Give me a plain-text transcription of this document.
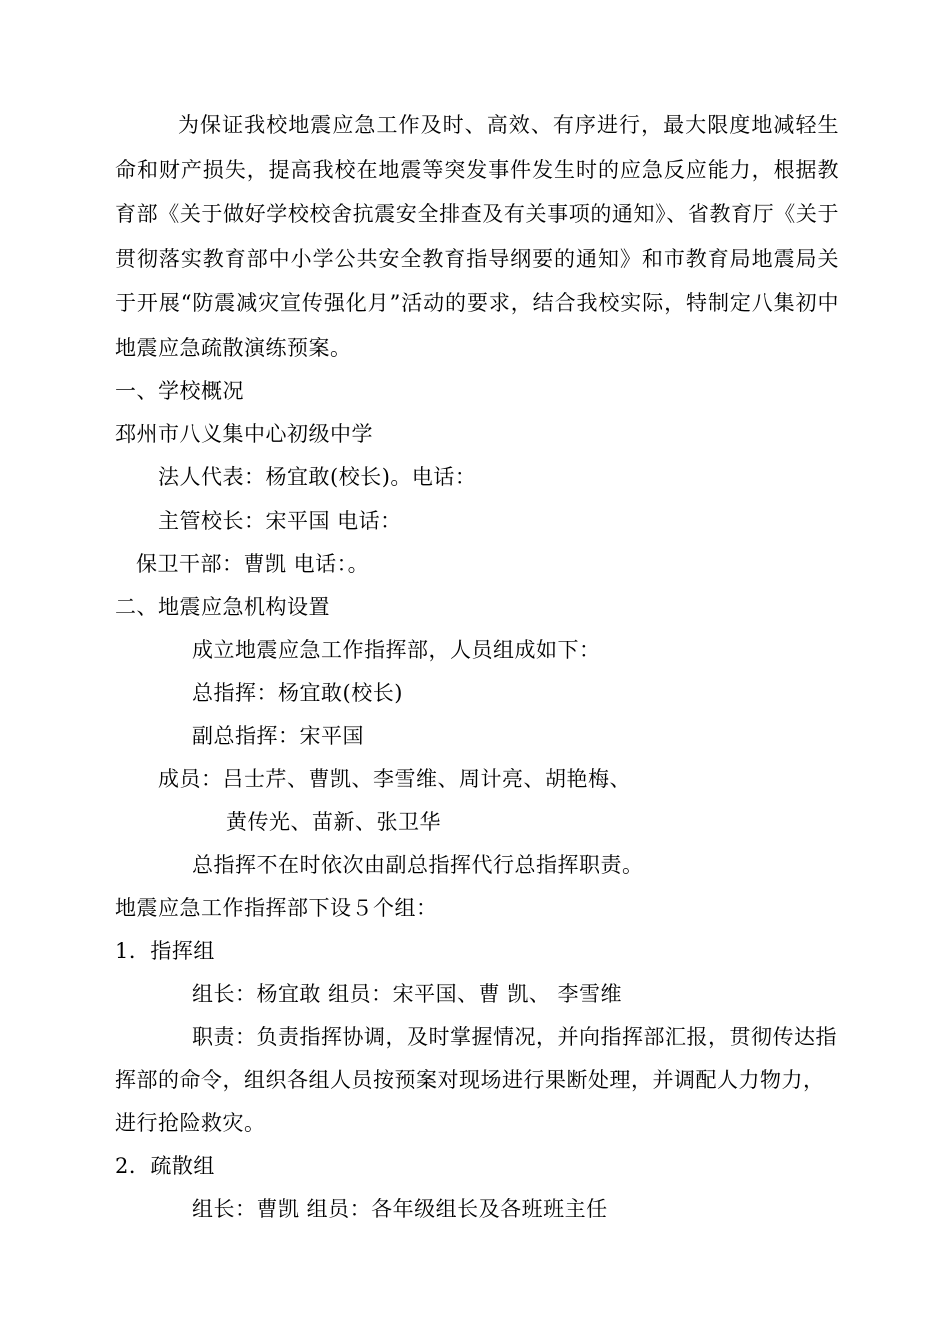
为保证我校地震应急工作及时、高效、有序进行，最大限度地减轻生命和财产损失，提高我校在地震等突发事件发生时的应急反应能力，根据教育部《关于做好学校校舍抗震安全排查及有关事项的通知》、省教育厅《关于贯彻落实教育部中小学公共安全教育指导纲要的通知》和市教育局地震局关于开展“防震减灾宣传强化月”活动的要求，结合我校实际，特制定八集初中地震应急疏散演练预案。
一、学校概况
邳州市八义集中心初级中学
法人代表：杨宜敢(校长)。电话：
主管校长：宋平国 电话：
保卫干部：曹凯 电话：。
二、地震应急机构设置
成立地震应急工作指挥部，人员组成如下：
总指挥：杨宜敢(校长)
副总指挥：宋平国
成员：吕士芹、曹凯、李雪维、周计亮、胡艳梅、
黄传光、苗新、张卫华
总指挥不在时依次由副总指挥代行总指挥职责。
地震应急工作指挥部下设５个组：
1．指挥组
组长：杨宜敢 组员：宋平国、曹 凯、 李雪维
职责：负责指挥协调，及时掌握情况，并向指挥部汇报，贯彻传达指
挥部的命令，组织各组人员按预案对现场进行果断处理，并调配人力物力，
进行抢险救灾。
2．疏散组
组长：曹凯 组员：各年级组长及各班班主任
